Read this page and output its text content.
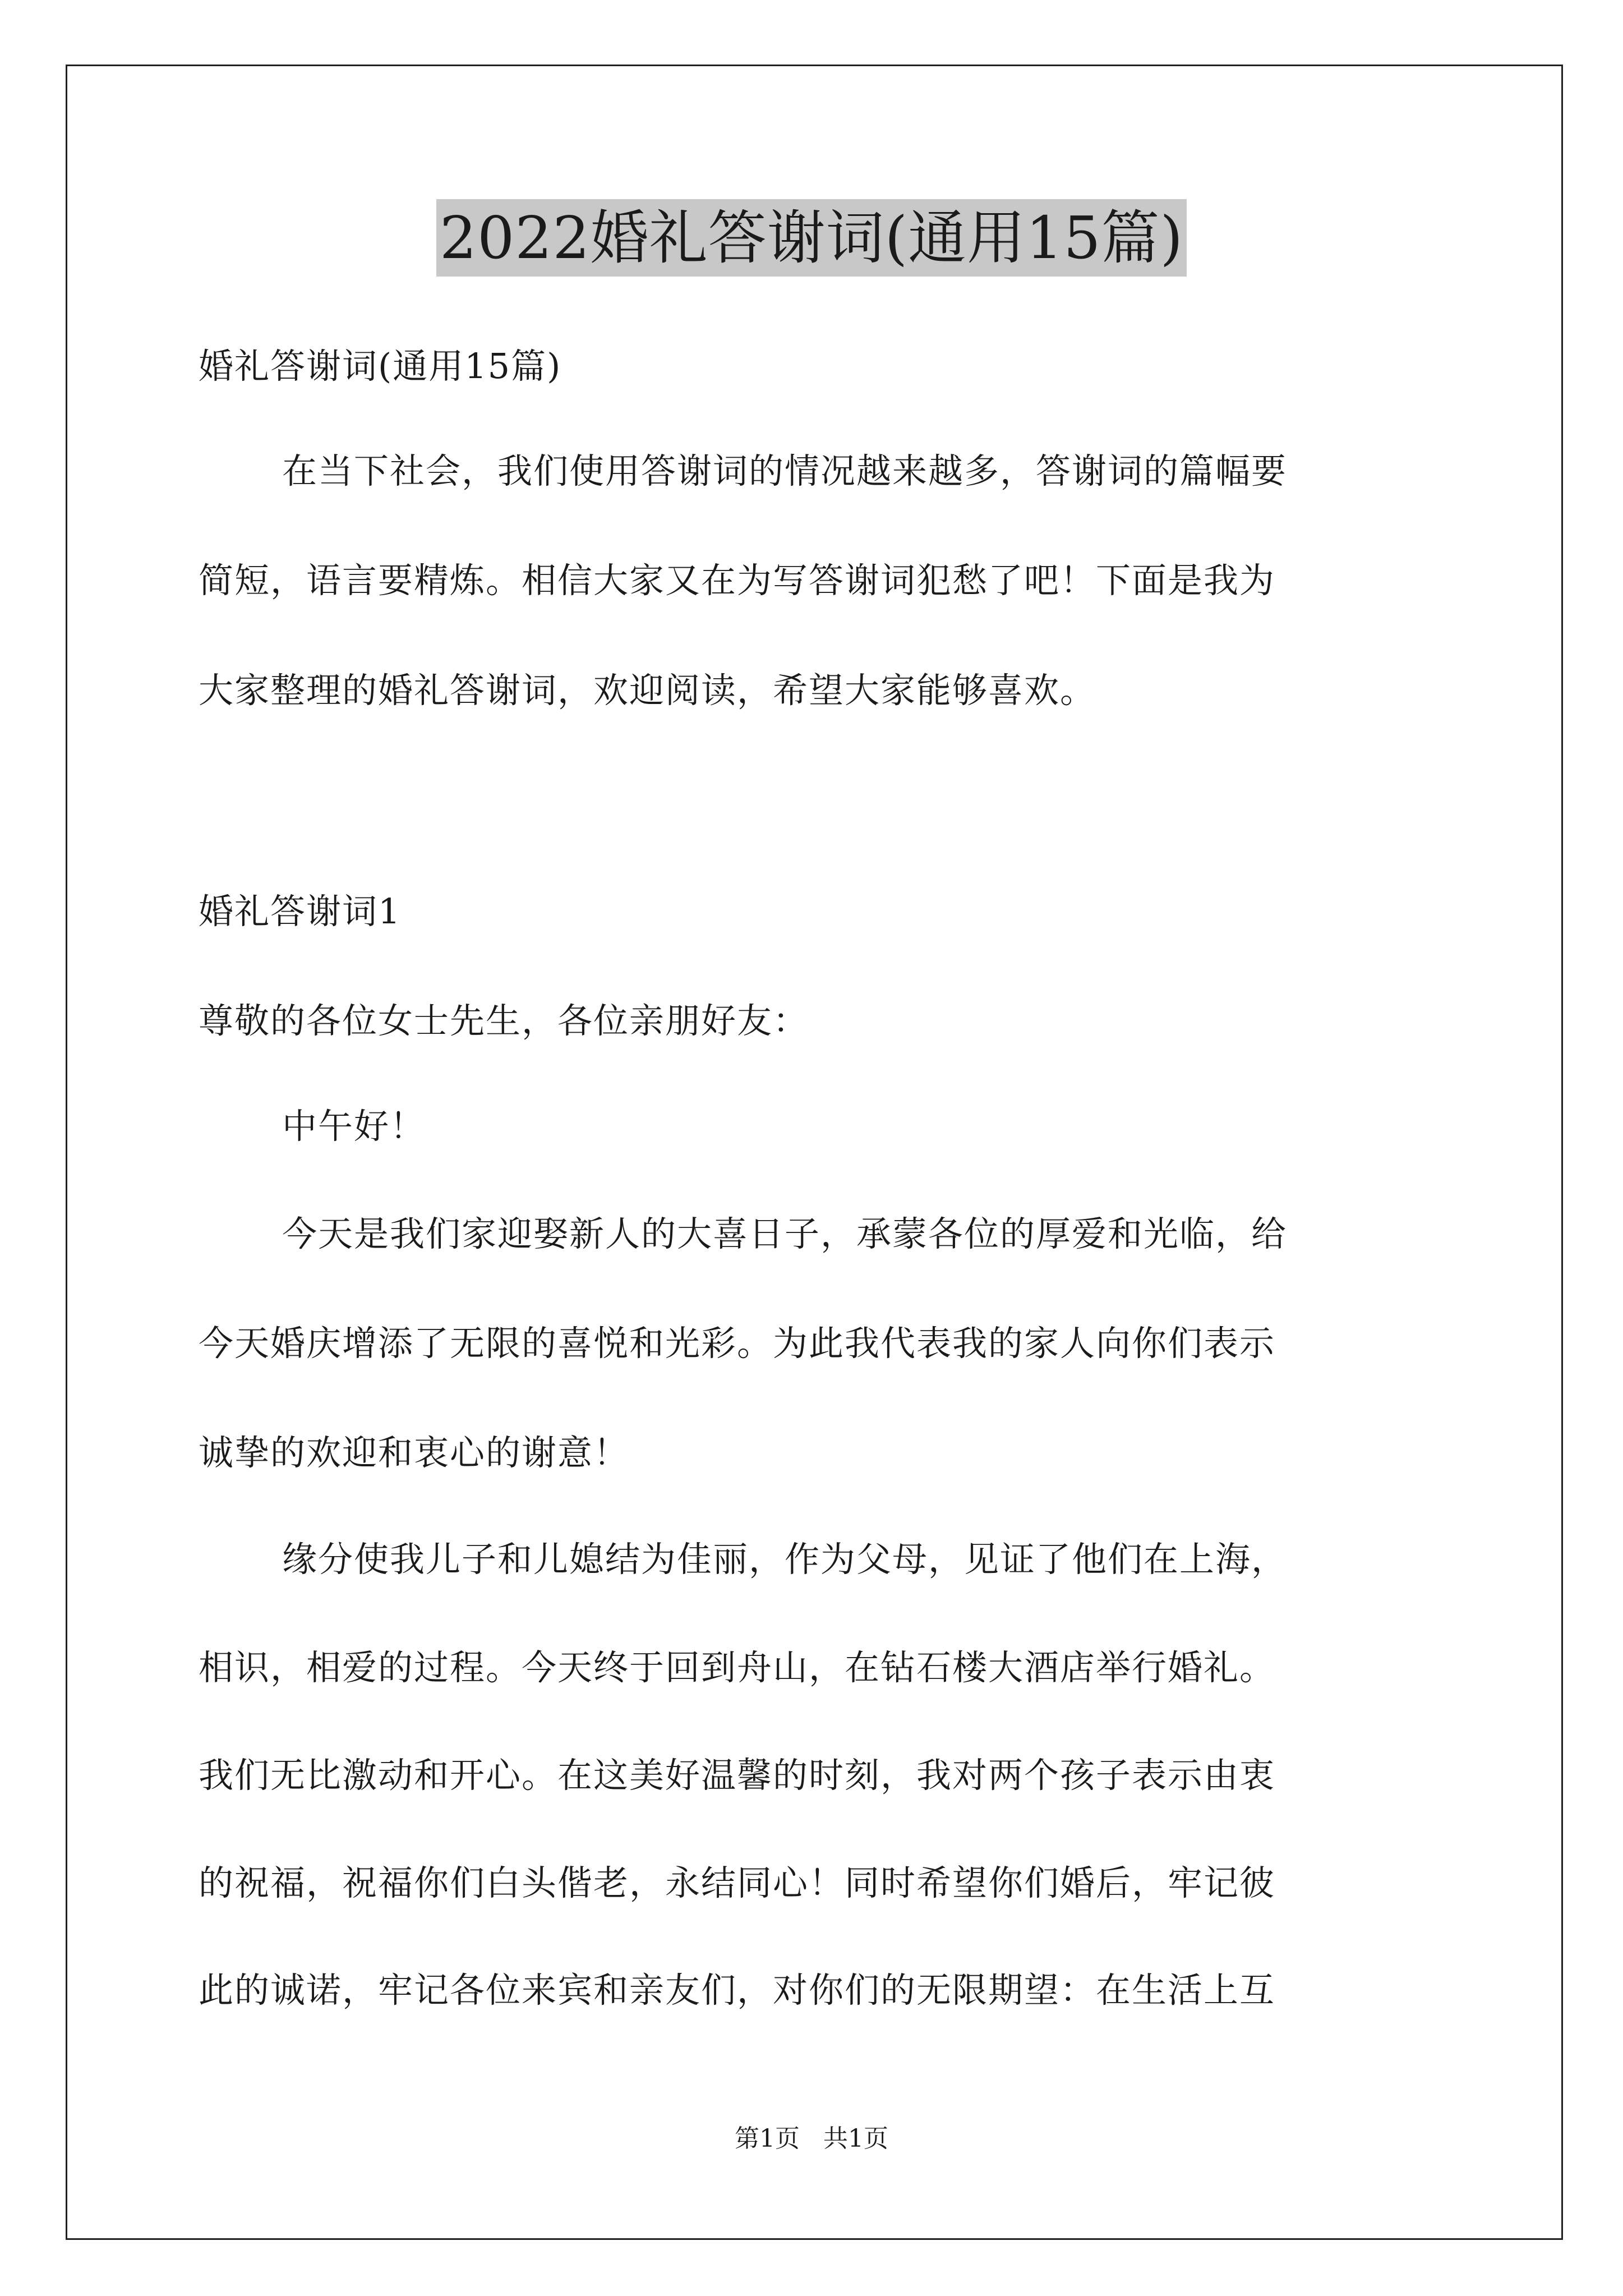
2022婚礼答谢词(通用15篇)
婚礼答谢词(通用15篇)
在当下社会，我们使用答谢词的情况越来越多，答谢词的篇幅要
简短，语言要精炼。相信大家又在为写答谢词犯愁了吧！下面是我为
大家整理的婚礼答谢词，欢迎阅读，希望大家能够喜欢。
婚礼答谢词1
尊敬的各位女士先生，各位亲朋好友：
中午好！
今天是我们家迎娶新人的大喜日子，承蒙各位的厚爱和光临，给
今天婚庆增添了无限的喜悦和光彩。为此我代表我的家人向你们表示
诚挚的欢迎和衷心的谢意！
缘分使我儿子和儿媳结为佳丽，作为父母，见证了他们在上海，
相识，相爱的过程。今天终于回到舟山，在钻石楼大酒店举行婚礼。
我们无比激动和开心。在这美好温馨的时刻，我对两个孩子表示由衷
的祝福，祝福你们白头偕老，永结同心！同时希望你们婚后，牢记彼
此的诚诺，牢记各位来宾和亲友们，对你们的无限期望：在生活上互
第1页   共1页
